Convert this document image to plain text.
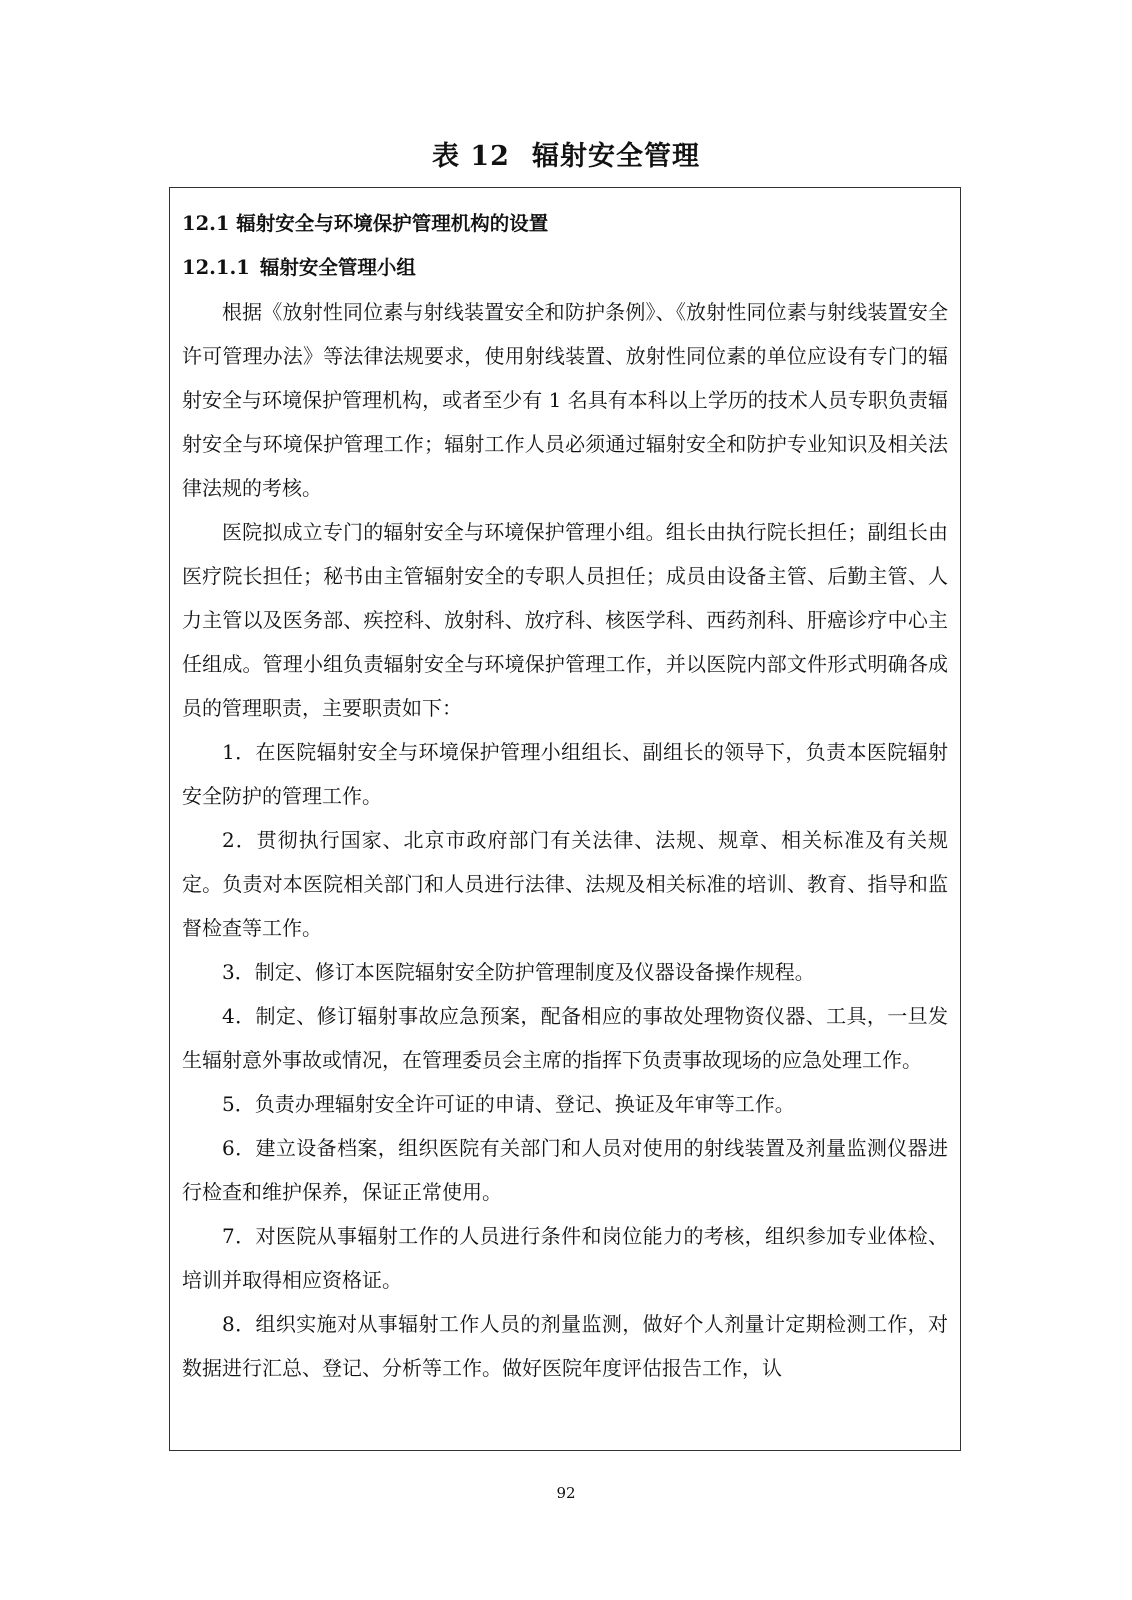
表 12 辐射安全管理

12.1 辐射安全与环境保护管理机构的设置

12.1.1 辐射安全管理小组

根据《放射性同位素与射线装置安全和防护条例》、《放射性同位素与射线装置安全许可管理办法》等法律法规要求，使用射线装置、放射性同位素的单位应设有专门的辐射安全与环境保护管理机构，或者至少有 1 名具有本科以上学历的技术人员专职负责辐射安全与环境保护管理工作；辐射工作人员必须通过辐射安全和防护专业知识及相关法律法规的考核。

医院拟成立专门的辐射安全与环境保护管理小组。组长由执行院长担任；副组长由医疗院长担任；秘书由主管辐射安全的专职人员担任；成员由设备主管、后勤主管、人力主管以及医务部、疾控科、放射科、放疗科、核医学科、西药剂科、肝癌诊疗中心主任组成。管理小组负责辐射安全与环境保护管理工作，并以医院内部文件形式明确各成员的管理职责，主要职责如下：

1．在医院辐射安全与环境保护管理小组组长、副组长的领导下，负责本医院辐射安全防护的管理工作。

2．贯彻执行国家、北京市政府部门有关法律、法规、规章、相关标准及有关规定。负责对本医院相关部门和人员进行法律、法规及相关标准的培训、教育、指导和监督检查等工作。

3．制定、修订本医院辐射安全防护管理制度及仪器设备操作规程。

4．制定、修订辐射事故应急预案，配备相应的事故处理物资仪器、工具，一旦发生辐射意外事故或情况，在管理委员会主席的指挥下负责事故现场的应急处理工作。

5．负责办理辐射安全许可证的申请、登记、换证及年审等工作。

6．建立设备档案，组织医院有关部门和人员对使用的射线装置及剂量监测仪器进行检查和维护保养，保证正常使用。

7．对医院从事辐射工作的人员进行条件和岗位能力的考核，组织参加专业体检、培训并取得相应资格证。

8．组织实施对从事辐射工作人员的剂量监测，做好个人剂量计定期检测工作，对数据进行汇总、登记、分析等工作。做好医院年度评估报告工作，认

92
